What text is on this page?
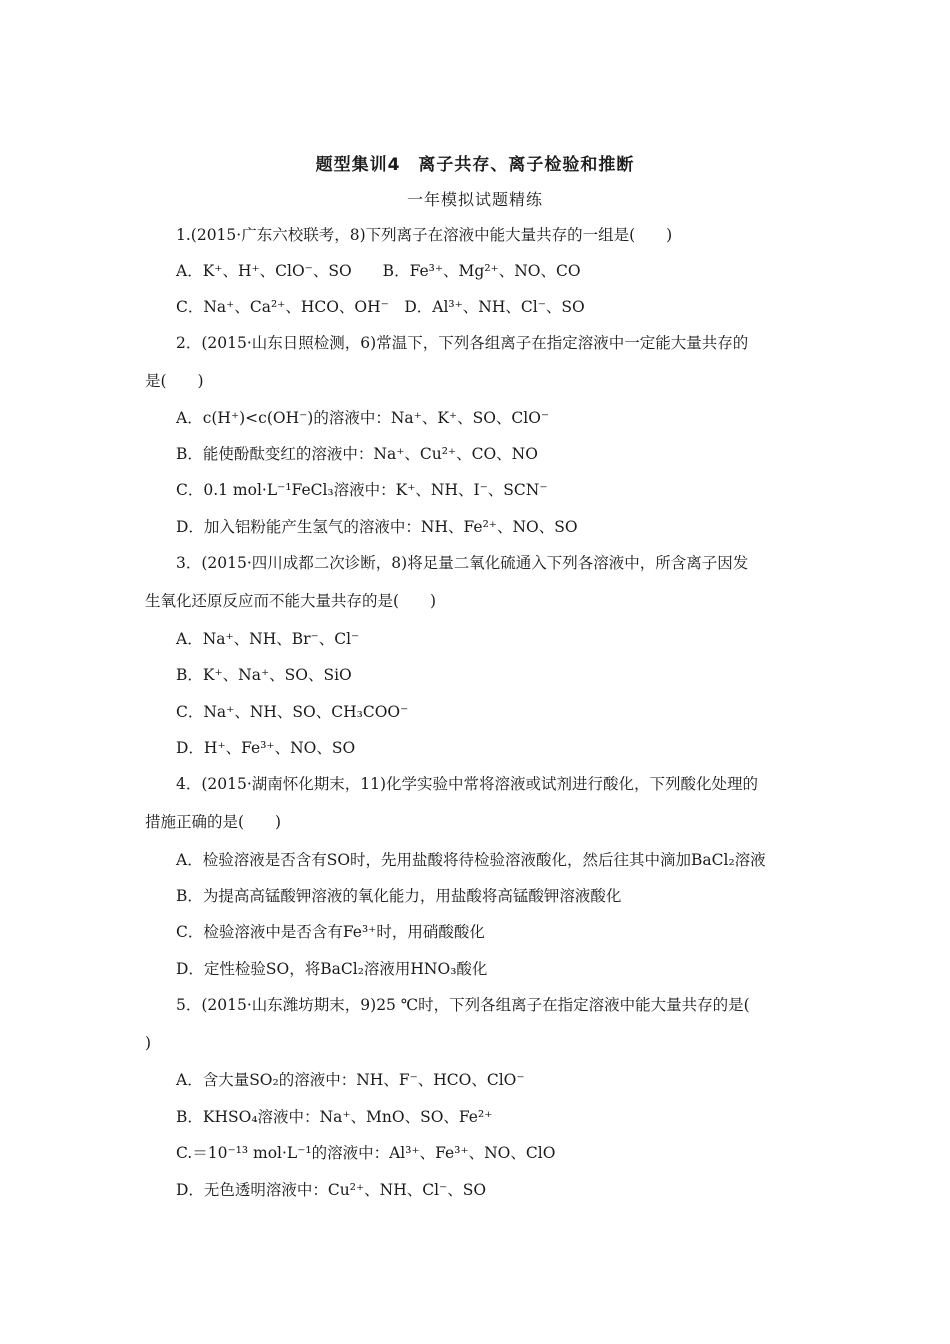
题型集训4　离子共存、离子检验和推断
一年模拟试题精练
1.(2015·广东六校联考，8)下列离子在溶液中能大量共存的一组是(　　)
A．K⁺、H⁺、ClO⁻、SO　　B．Fe³⁺、Mg²⁺、NO、CO
C．Na⁺、Ca²⁺、HCO、OH⁻　D．Al³⁺、NH、Cl⁻、SO
2．(2015·山东日照检测，6)常温下，下列各组离子在指定溶液中一定能大量共存的
是(　　)
A．c(H⁺)<c(OH⁻)的溶液中：Na⁺、K⁺、SO、ClO⁻
B．能使酚酞变红的溶液中：Na⁺、Cu²⁺、CO、NO
C．0.1 mol·L⁻¹FeCl₃溶液中：K⁺、NH、I⁻、SCN⁻
D．加入铝粉能产生氢气的溶液中：NH、Fe²⁺、NO、SO
3．(2015·四川成都二次诊断，8)将足量二氧化硫通入下列各溶液中，所含离子因发
生氧化还原反应而不能大量共存的是(　　)
A．Na⁺、NH、Br⁻、Cl⁻
B．K⁺、Na⁺、SO、SiO
C．Na⁺、NH、SO、CH₃COO⁻
D．H⁺、Fe³⁺、NO、SO
4．(2015·湖南怀化期末，11)化学实验中常将溶液或试剂进行酸化，下列酸化处理的
措施正确的是(　　)
A．检验溶液是否含有SO时，先用盐酸将待检验溶液酸化，然后往其中滴加BaCl₂溶液
B．为提高高锰酸钾溶液的氧化能力，用盐酸将高锰酸钾溶液酸化
C．检验溶液中是否含有Fe³⁺时，用硝酸酸化
D．定性检验SO，将BaCl₂溶液用HNO₃酸化
5．(2015·山东潍坊期末，9)25 ℃时，下列各组离子在指定溶液中能大量共存的是(
)
A．含大量SO₂的溶液中：NH、F⁻、HCO、ClO⁻
B．KHSO₄溶液中：Na⁺、MnO、SO、Fe²⁺
C.＝10⁻¹³ mol·L⁻¹的溶液中：Al³⁺、Fe³⁺、NO、ClO
D．无色透明溶液中：Cu²⁺、NH、Cl⁻、SO
